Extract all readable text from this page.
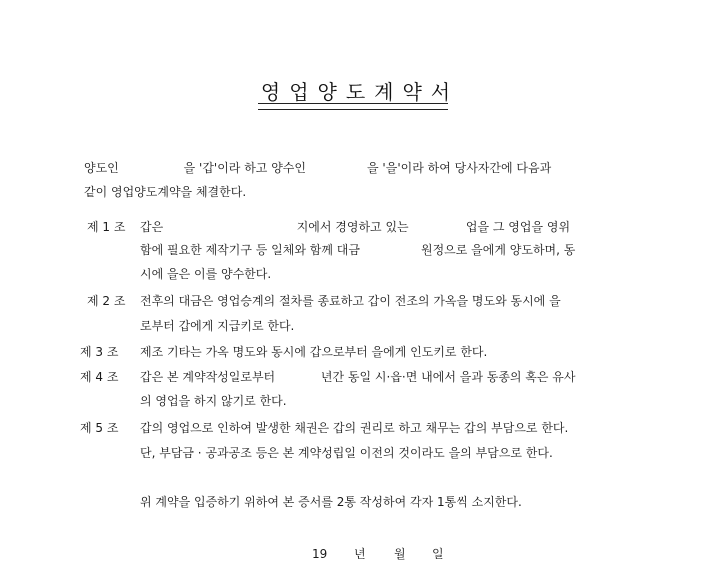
영업양도계약서
양도인                 을 '갑'이라 하고 양수인                을 '을'이라 하여 당사자간에 다음과
같이 영업양도계약을 체결한다.
제 1 조 갑은                                   지에서 경영하고 있는               업을 그 영업을 영위
함에 필요한 제작기구 등 일체와 함께 대금                원정으로 을에게 양도하며, 동
시에 을은 이를 양수한다.
제 2 조 전후의 대금은 영업승계의 절차를 종료하고 갑이 전조의 가옥을 명도와 동시에 을
로부터 갑에게 지급키로 한다.
제 3 조 제조 기타는 가옥 명도와 동시에 갑으로부터 을에게 인도키로 한다.
제 4 조 갑은 본 계약작성일로부터            년간 동일 시·읍·면 내에서 을과 동종의 혹은 유사
의 영업을 하지 않기로 한다.
제 5 조 갑의 영업으로 인하여 발생한 채권은 갑의 권리로 하고 채무는 갑의 부담으로 한다.
단, 부담금 · 공과공조 등은 본 계약성립일 이전의 것이라도 을의 부담으로 한다.
위 계약을 입증하기 위하여 본 증서를 2통 작성하여 각자 1통씩 소지한다.
19 년 월 일
